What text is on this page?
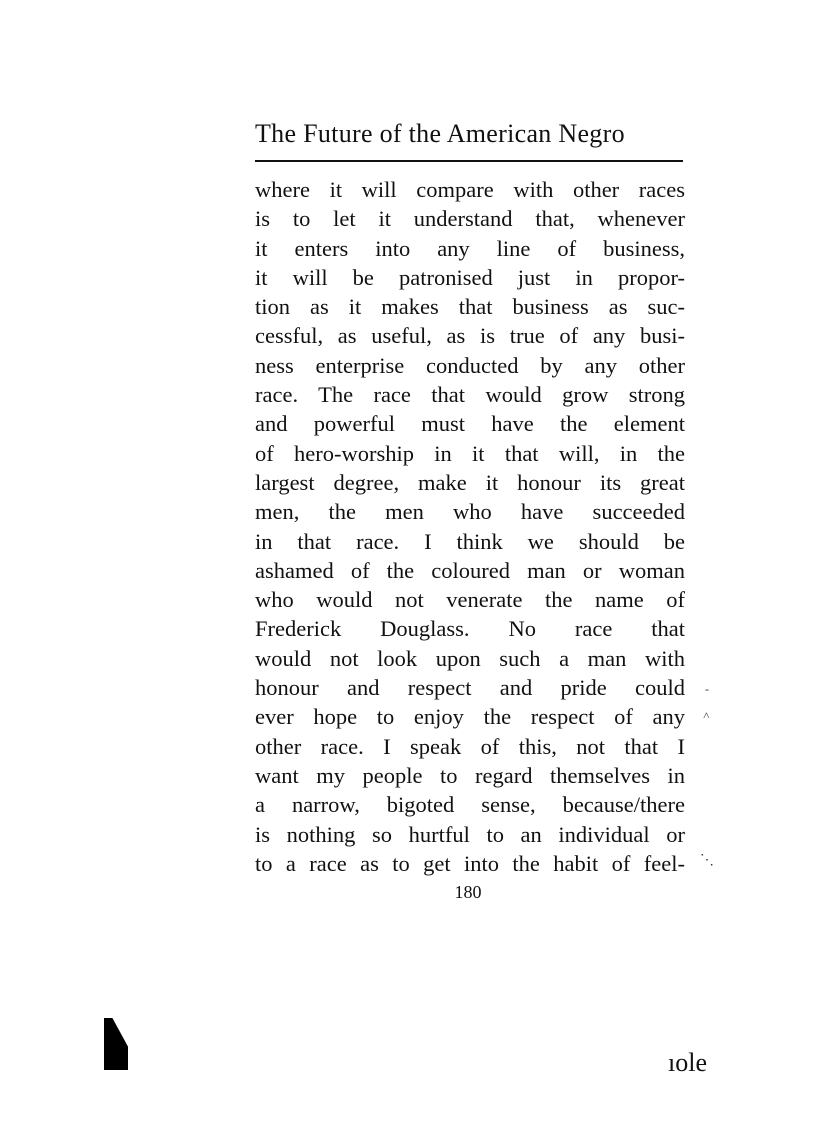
The Future of the American Negro
where it will compare with other races
is to let it understand that, whenever
it enters into any line of business,
it will be patronised just in propor-
tion as it makes that business as suc-
cessful, as useful, as is true of any busi-
ness enterprise conducted by any other
race. The race that would grow strong
and powerful must have the element
of hero-worship in it that will, in the
largest degree, make it honour its great
men, the men who have succeeded
in that race. I think we should be
ashamed of the coloured man or woman
who would not venerate the name of
Frederick Douglass. No race that
would not look upon such a man with
honour and respect and pride could
ever hope to enjoy the respect of any
other race. I speak of this, not that I
want my people to regard themselves in
a narrow, bigoted sense, because/there
is nothing so hurtful to an individual or
to a race as to get into the habit of feel-
180
-
˄
⋱
ıole
